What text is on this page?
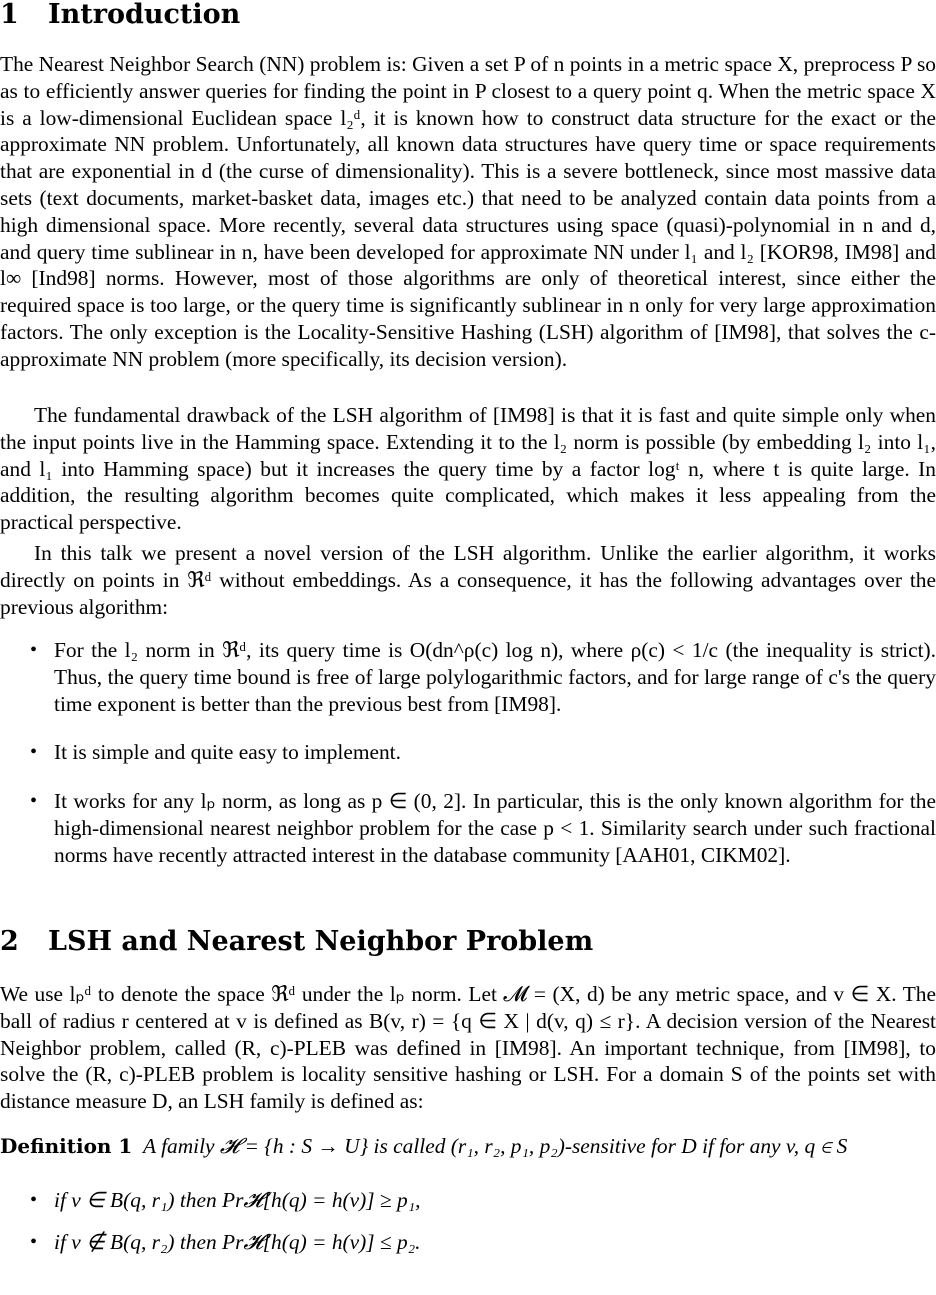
1 Introduction

The Nearest Neighbor Search (NN) problem is: Given a set P of n points in a metric space X, preprocess P so as to efficiently answer queries for finding the point in P closest to a query point q. When the metric space X is a low-dimensional Euclidean space l₂ᵈ, it is known how to construct data structure for the exact or the approximate NN problem. Unfortunately, all known data structures have query time or space requirements that are exponential in d (the curse of dimensionality). This is a severe bottleneck, since most massive data sets (text documents, market-basket data, images etc.) that need to be analyzed contain data points from a high dimensional space. More recently, several data structures using space (quasi)-polynomial in n and d, and query time sublinear in n, have been developed for approximate NN under l₁ and l₂ [KOR98, IM98] and l∞ [Ind98] norms. However, most of those algorithms are only of theoretical interest, since either the required space is too large, or the query time is significantly sublinear in n only for very large approximation factors. The only exception is the Locality-Sensitive Hashing (LSH) algorithm of [IM98], that solves the c-approximate NN problem (more specifically, its decision version).

The fundamental drawback of the LSH algorithm of [IM98] is that it is fast and quite simple only when the input points live in the Hamming space. Extending it to the l₂ norm is possible (by embedding l₂ into l₁, and l₁ into Hamming space) but it increases the query time by a factor logᵗ n, where t is quite large. In addition, the resulting algorithm becomes quite complicated, which makes it less appealing from the practical perspective.

In this talk we present a novel version of the LSH algorithm. Unlike the earlier algorithm, it works directly on points in ℜᵈ without embeddings. As a consequence, it has the following advantages over the previous algorithm:

• For the l₂ norm in ℜᵈ, its query time is O(dn^ρ(c) log n), where ρ(c) < 1/c (the inequality is strict). Thus, the query time bound is free of large polylogarithmic factors, and for large range of c's the query time exponent is better than the previous best from [IM98].
• It is simple and quite easy to implement.
• It works for any lₚ norm, as long as p ∈ (0, 2]. In particular, this is the only known algorithm for the high-dimensional nearest neighbor problem for the case p < 1. Similarity search under such fractional norms have recently attracted interest in the database community [AAH01, CIKM02].
2 LSH and Nearest Neighbor Problem

We use lₚᵈ to denote the space ℜᵈ under the lₚ norm. Let 𝓜 = (X, d) be any metric space, and v ∈ X. The ball of radius r centered at v is defined as B(v, r) = {q ∈ X | d(v, q) ≤ r}. A decision version of the Nearest Neighbor problem, called (R, c)-PLEB was defined in [IM98]. An important technique, from [IM98], to solve the (R, c)-PLEB problem is locality sensitive hashing or LSH. For a domain S of the points set with distance measure D, an LSH family is defined as:

Definition 1 A family 𝓗 = {h : S → U} is called (r₁, r₂, p₁, p₂)-sensitive for D if for any v, q ∈ S

• if v ∈ B(q, r₁) then Pr𝓗[h(q) = h(v)] ≥ p₁,
• if v ∉ B(q, r₂) then Pr𝓗[h(q) = h(v)] ≤ p₂.
